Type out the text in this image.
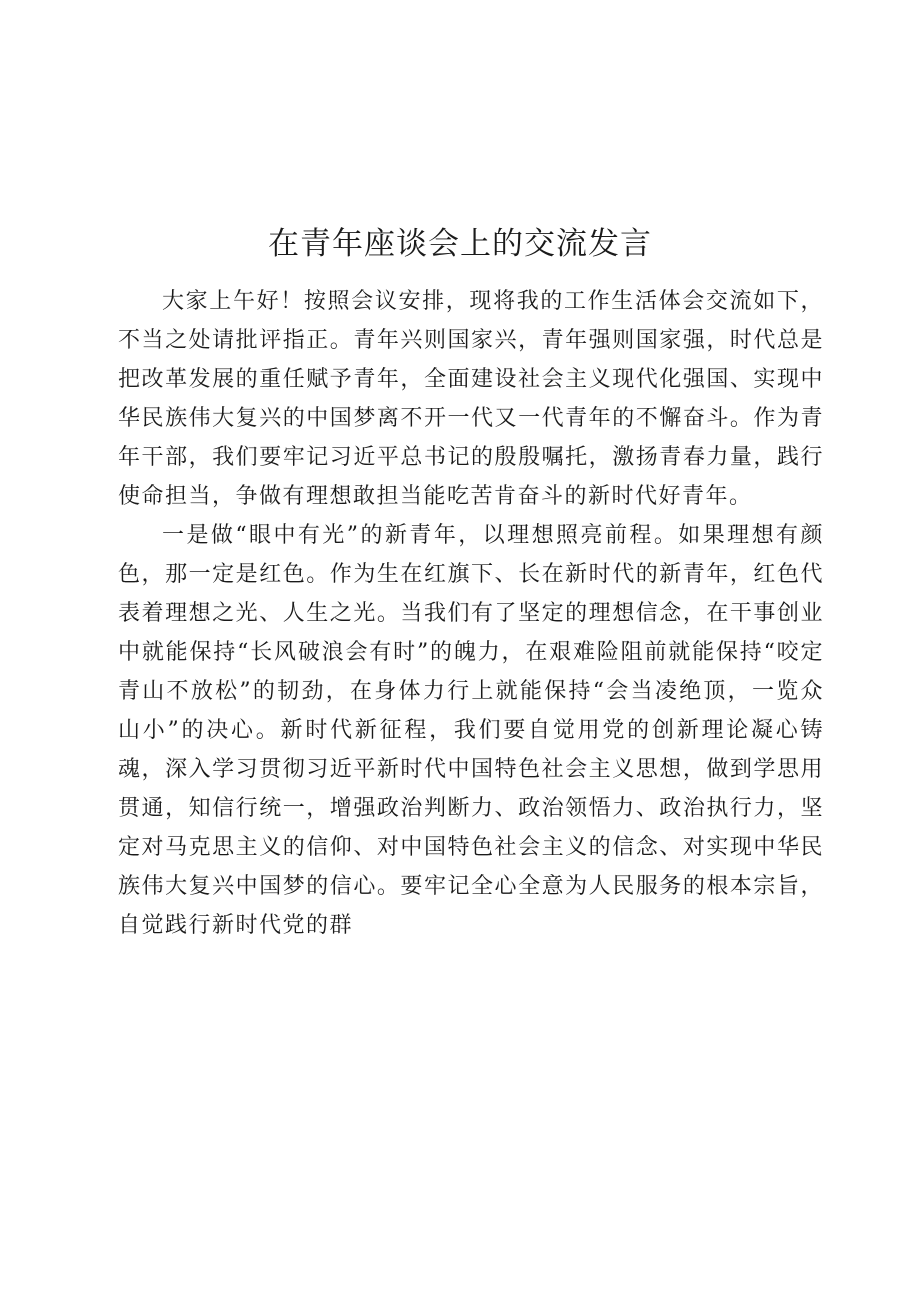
在青年座谈会上的交流发言

大家上午好！按照会议安排，现将我的工作生活体会交流如下，不当之处请批评指正。青年兴则国家兴，青年强则国家强，时代总是把改革发展的重任赋予青年，全面建设社会主义现代化强国、实现中华民族伟大复兴的中国梦离不开一代又一代青年的不懈奋斗。作为青年干部，我们要牢记习近平总书记的殷殷嘱托，激扬青春力量，践行使命担当，争做有理想敢担当能吃苦肯奋斗的新时代好青年。

一是做“眼中有光”的新青年，以理想照亮前程。如果理想有颜色，那一定是红色。作为生在红旗下、长在新时代的新青年，红色代表着理想之光、人生之光。当我们有了坚定的理想信念，在干事创业中就能保持“长风破浪会有时”的魄力，在艰难险阻前就能保持“咬定青山不放松”的韧劲，在身体力行上就能保持“会当凌绝顶，一览众山小”的决心。新时代新征程，我们要自觉用党的创新理论凝心铸魂，深入学习贯彻习近平新时代中国特色社会主义思想，做到学思用贯通，知信行统一，增强政治判断力、政治领悟力、政治执行力，坚定对马克思主义的信仰、对中国特色社会主义的信念、对实现中华民族伟大复兴中国梦的信心。要牢记全心全意为人民服务的根本宗旨，自觉践行新时代党的群
